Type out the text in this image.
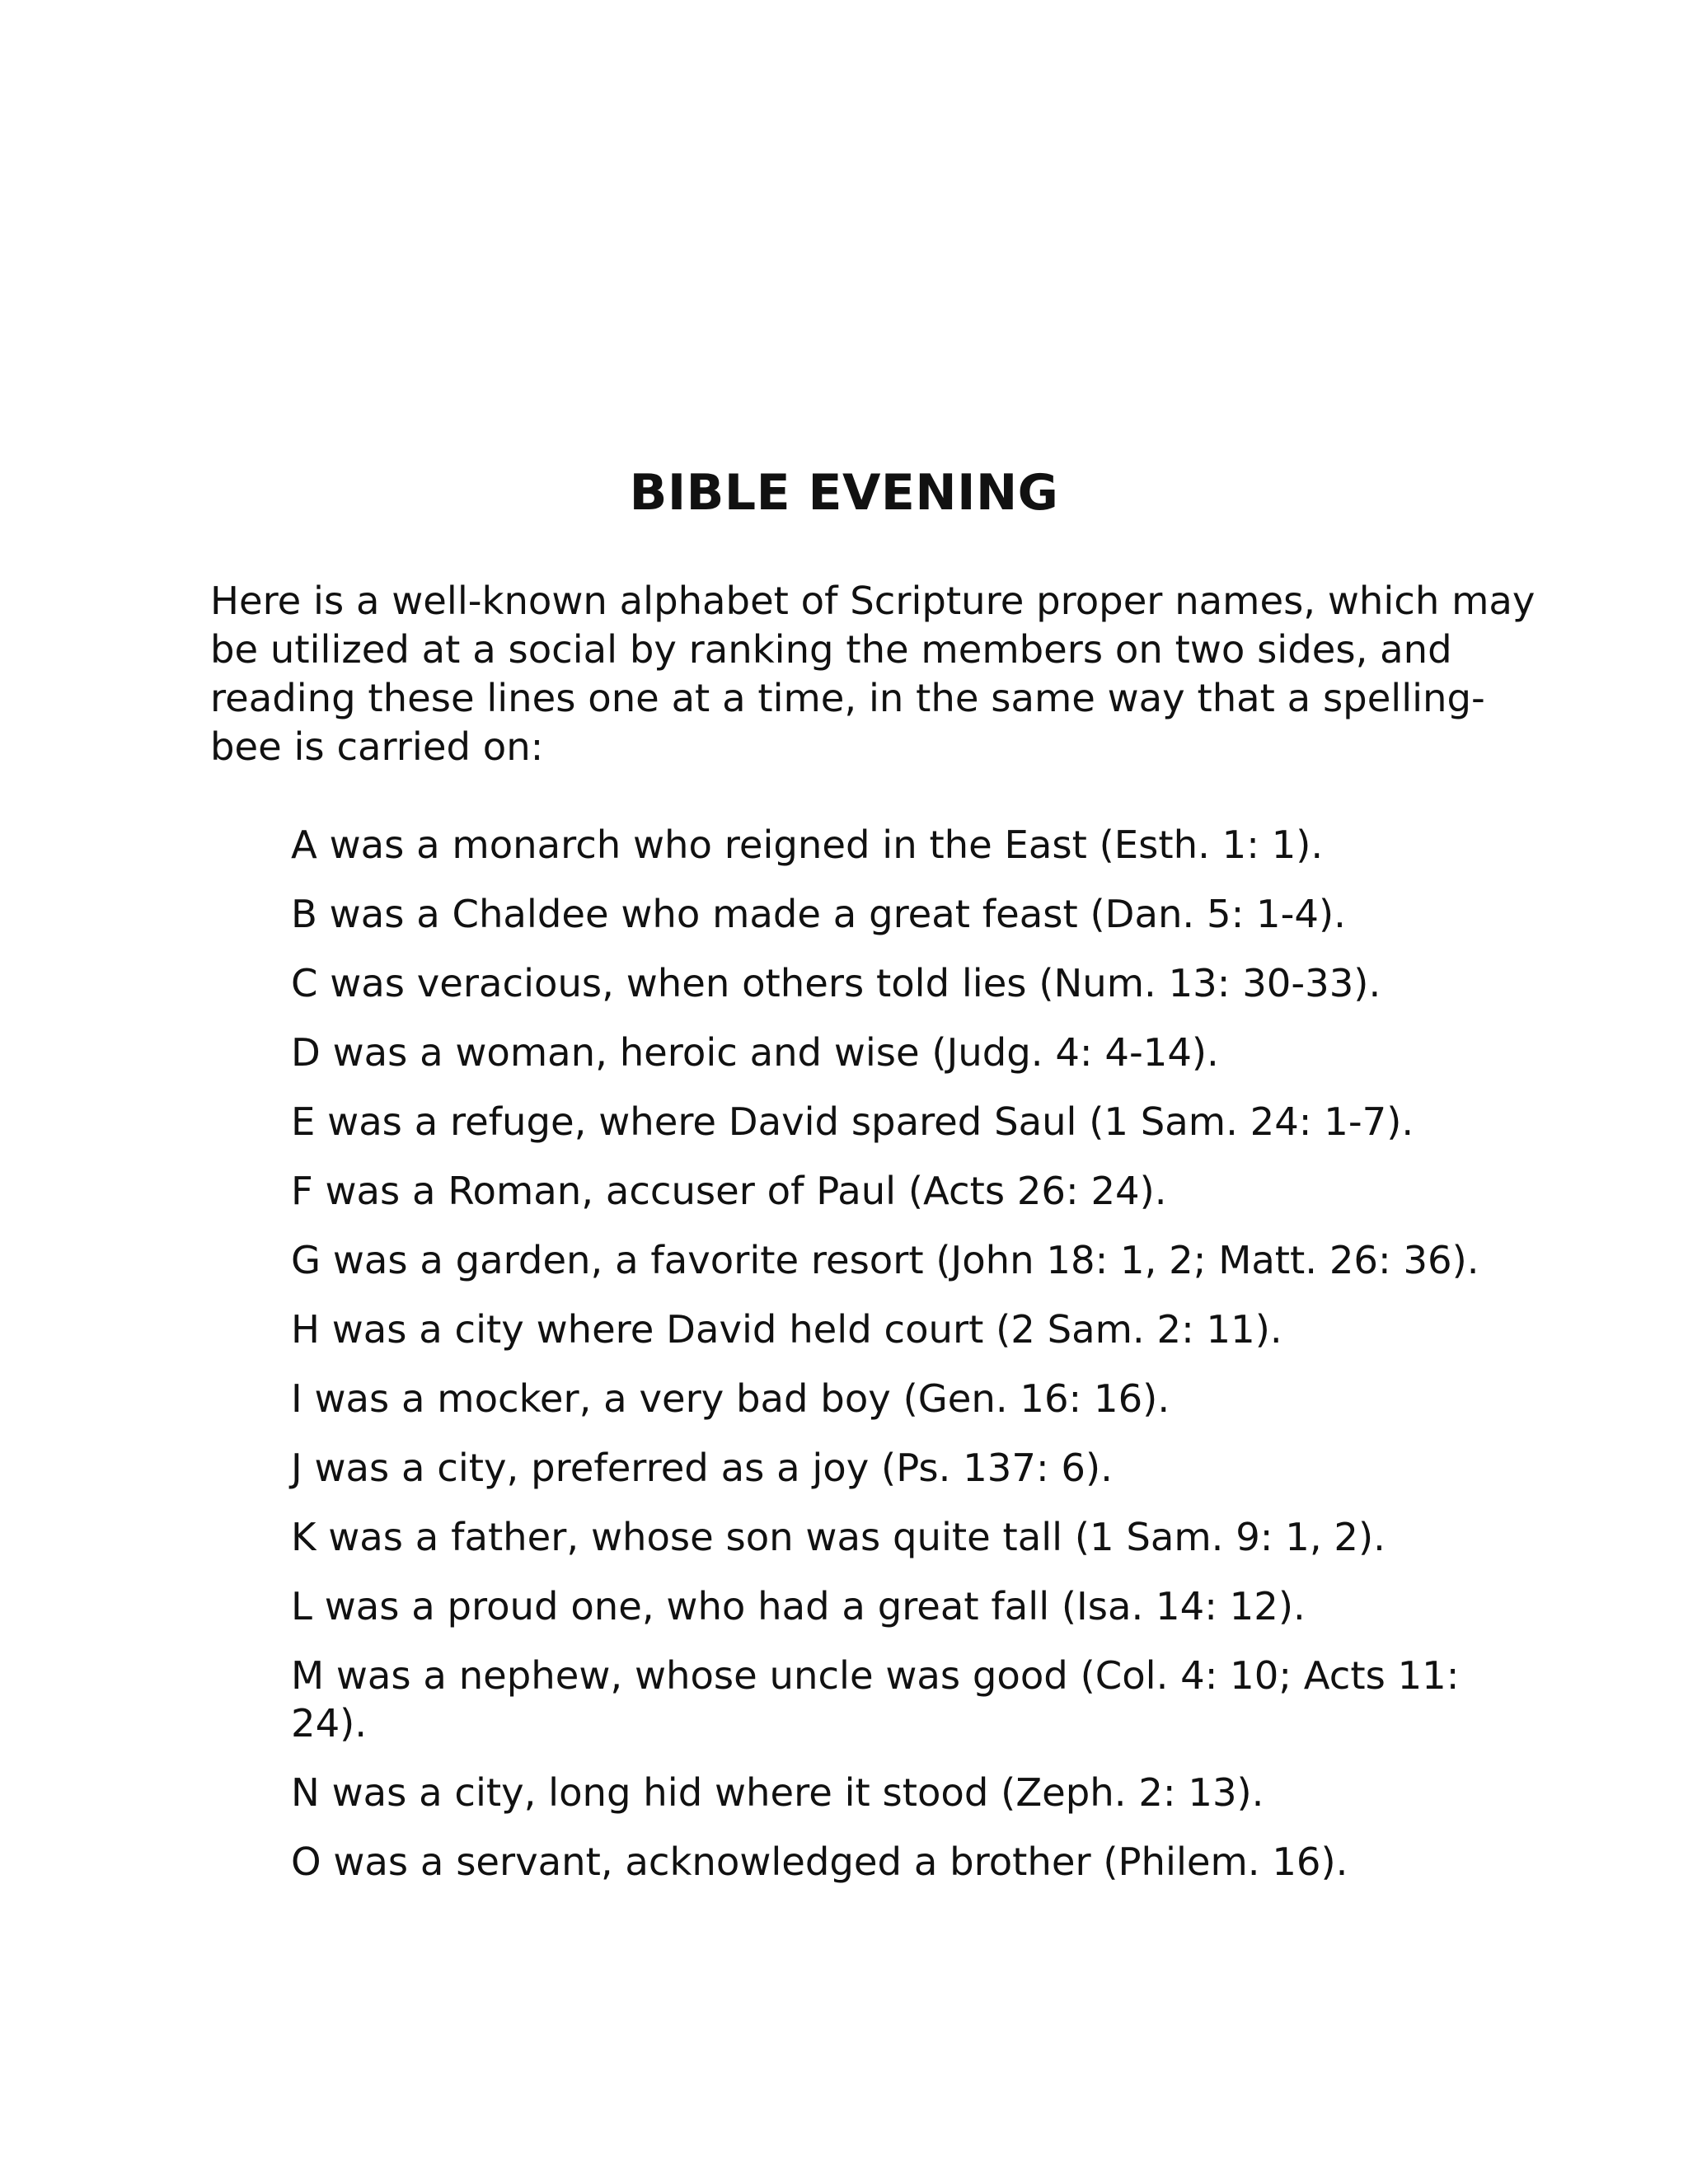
BIBLE EVENING

Here is a well-known alphabet of Scripture proper names, which may
be utilized at a social by ranking the members on two sides, and
reading these lines one at a time, in the same way that a spelling-
bee is carried on:

A was a monarch who reigned in the East (Esth. 1: 1).
B was a Chaldee who made a great feast (Dan. 5: 1-4).
C was veracious, when others told lies (Num. 13: 30-33).
D was a woman, heroic and wise (Judg. 4: 4-14).
E was a refuge, where David spared Saul (1 Sam. 24: 1-7).
F was a Roman, accuser of Paul (Acts 26: 24).
G was a garden, a favorite resort (John 18: 1, 2; Matt. 26: 36).
H was a city where David held court (2 Sam. 2: 11).
I was a mocker, a very bad boy (Gen. 16: 16).
J was a city, preferred as a joy (Ps. 137: 6).
K was a father, whose son was quite tall (1 Sam. 9: 1, 2).
L was a proud one, who had a great fall (Isa. 14: 12).
M was a nephew, whose uncle was good (Col. 4: 10; Acts 11:
24).
N was a city, long hid where it stood (Zeph. 2: 13).
O was a servant, acknowledged a brother (Philem. 16).
